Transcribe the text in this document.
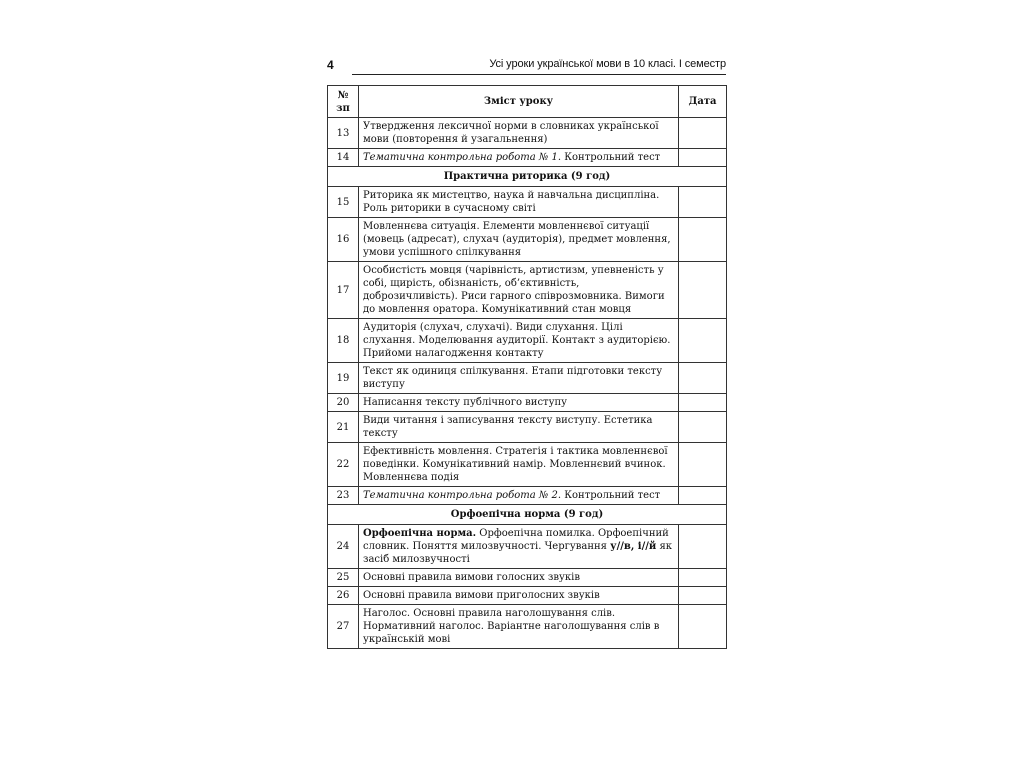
4	Усі уроки української мови в 10 класі. І семестр
№ зп	Зміст уроку	Дата
13	Утвердження лексичної норми в словниках української мови (повторення й узагальнення)	
14	Тематична контрольна робота № 1. Контрольний тест	
Практична риторика (9 год)		
15	Риторика як мистецтво, наука й навчальна дисципліна. Роль риторики в сучасному світі	
16	Мовленнєва ситуація. Елементи мовленнєвої ситуації (мовець (адресат), слухач (аудиторія), предмет мовлення, умови успішного спілкування	
17	Особистість мовця (чарівність, артистизм, упевненість у собі, щирість, обізнаність, об’єктивність, доброзичливість). Риси гарного співрозмовника. Вимоги до мовлення оратора. Комунікативний стан мовця	
18	Аудиторія (слухач, слухачі). Види слухання. Цілі слухання. Моделювання аудиторії. Контакт з аудиторією. Прийоми налагодження контакту	
19	Текст як одиниця спілкування. Етапи підготовки тексту виступу	
20	Написання тексту публічного виступу	
21	Види читання і записування тексту виступу. Естетика тексту	
22	Ефективність мовлення. Стратегія і тактика мовленнєвої поведінки. Комунікативний намір. Мовленнєвий вчинок. Мовленнєва подія	
23	Тематична контрольна робота № 2. Контрольний тест	
Орфоепічна норма (9 год)		
24	Орфоепічна норма. Орфоепічна помилка. Орфоепічний словник. Поняття милозвучності. Чергування у//в, і//й як засіб милозвучності	
25	Основні правила вимови голосних звуків	
26	Основні правила вимови приголосних звуків	
27	Наголос. Основні правила наголошування слів. Нормативний наголос. Варіантне наголошування слів в українській мові	
